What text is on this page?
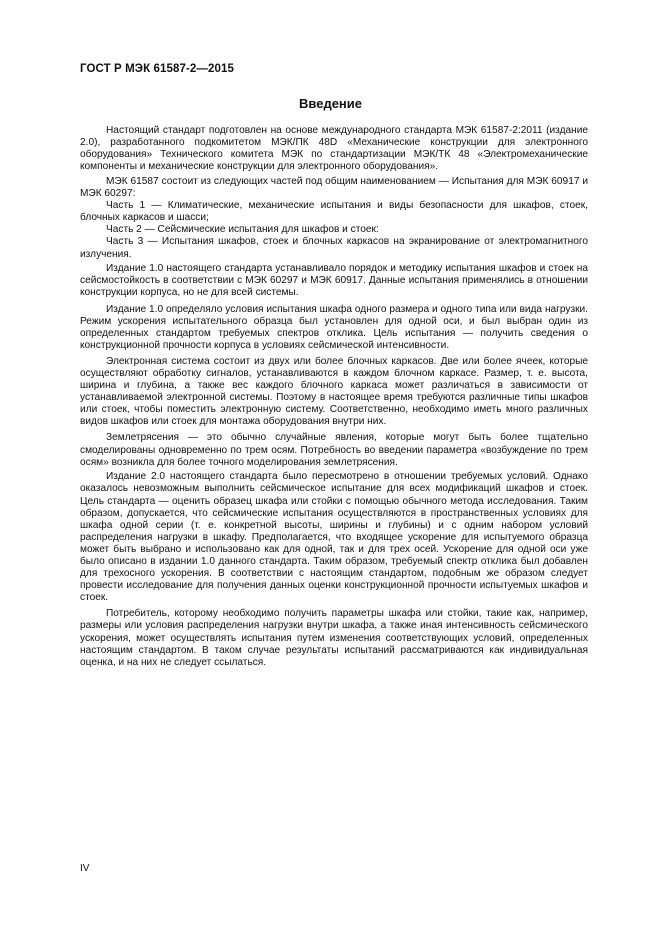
ГОСТ Р МЭК 61587-2—2015
Введение

Настоящий стандарт подготовлен на основе международного стандарта МЭК 61587-2:2011 (издание 2.0), разработанного подкомитетом МЭК/ПК 48D «Механические конструкции для электронного оборудования» Технического комитета МЭК по стандартизации МЭК/ТК 48 «Электромеханические компоненты и механические конструкции для электронного оборудования».

МЭК 61587 состоит из следующих частей под общим наименованием — Испытания для МЭК 60917 и МЭК 60297:

Часть 1 — Климатические, механические испытания и виды безопасности для шкафов, стоек, блочных каркасов и шасси;

Часть 2 — Сейсмические испытания для шкафов и стоек:

Часть 3 — Испытания шкафов, стоек и блочных каркасов на экранирование от электромагнитного излучения.

Издание 1.0 настоящего стандарта устанавливало порядок и методику испытания шкафов и стоек на сейсмостойкость в соответствии с МЭК 60297 и МЭК 60917. Данные испытания применялись в отношении конструкции корпуса, но не для всей системы.

Издание 1.0 определяло условия испытания шкафа одного размера и одного типа или вида нагрузки. Режим ускорения испытательного образца был установлен для одной оси, и был выбран один из определенных стандартом требуемых спектров отклика. Цель испытания — получить сведения о конструкционной прочности корпуса в условиях сейсмической интенсивности.

Электронная система состоит из двух или более блочных каркасов. Две или более ячеек, которые осуществляют обработку сигналов, устанавливаются в каждом блочном каркасе. Размер, т. е. высота, ширина и глубина, а также вес каждого блочного каркаса может различаться в зависимости от устанавливаемой электронной системы. Поэтому в настоящее время требуются различные типы шкафов или стоек, чтобы поместить электронную систему. Соответственно, необходимо иметь много различных видов шкафов или стоек для монтажа оборудования внутри них.

Землетрясения — это обычно случайные явления, которые могут быть более тщательно смоделированы одновременно по трем осям. Потребность во введении параметра «возбуждение по трем осям» возникла для более точного моделирования землетрясения.

Издание 2.0 настоящего стандарта было пересмотрено в отношении требуемых условий. Однако оказалось невозможным выполнить сейсмическое испытание для всех модификаций шкафов и стоек. Цель стандарта — оценить образец шкафа или стойки с помощью обычного метода исследования. Таким образом, допускается, что сейсмические испытания осуществляются в пространственных условиях для шкафа одной серии (т. е. конкретной высоты, ширины и глубины) и с одним набором условий распределения нагрузки в шкафу. Предполагается, что входящее ускорение для испытуемого образца может быть выбрано и использовано как для одной, так и для трех осей. Ускорение для одной оси уже было описано в издании 1.0 данного стандарта. Таким образом, требуемый спектр отклика был добавлен для трехосного ускорения. В соответствии с настоящим стандартом, подобным же образом следует провести исследование для получения данных оценки конструкционной прочности испытуемых шкафов и стоек.

Потребитель, которому необходимо получить параметры шкафа или стойки, такие как, например, размеры или условия распределения нагрузки внутри шкафа, а также иная интенсивность сейсмического ускорения, может осуществлять испытания путем изменения соответствующих условий, определенных настоящим стандартом. В таком случае результаты испытаний рассматриваются как индивидуальная оценка, и на них не следует ссылаться.

IV
